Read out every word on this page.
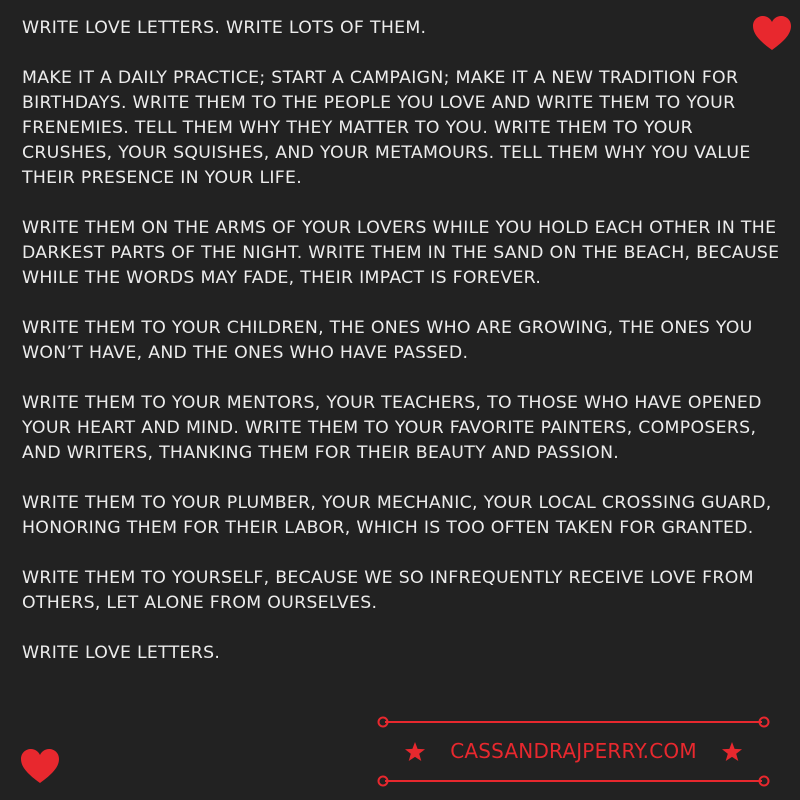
WRITE LOVE LETTERS. WRITE LOTS OF THEM.

MAKE IT A DAILY PRACTICE; START A CAMPAIGN; MAKE IT A NEW TRADITION FOR BIRTHDAYS. WRITE THEM TO THE PEOPLE YOU LOVE AND WRITE THEM TO YOUR FRENEMIES. TELL THEM WHY THEY MATTER TO YOU. WRITE THEM TO YOUR CRUSHES, YOUR SQUISHES, AND YOUR METAMOURS. TELL THEM WHY YOU VALUE THEIR PRESENCE IN YOUR LIFE.

WRITE THEM ON THE ARMS OF YOUR LOVERS WHILE YOU HOLD EACH OTHER IN THE DARKEST PARTS OF THE NIGHT. WRITE THEM IN THE SAND ON THE BEACH, BECAUSE WHILE THE WORDS MAY FADE, THEIR IMPACT IS FOREVER.

WRITE THEM TO YOUR CHILDREN, THE ONES WHO ARE GROWING, THE ONES YOU WON’T HAVE, AND THE ONES WHO HAVE PASSED.

WRITE THEM TO YOUR MENTORS, YOUR TEACHERS, TO THOSE WHO HAVE OPENED YOUR HEART AND MIND. WRITE THEM TO YOUR FAVORITE PAINTERS, COMPOSERS, AND WRITERS, THANKING THEM FOR THEIR BEAUTY AND PASSION.

WRITE THEM TO YOUR PLUMBER, YOUR MECHANIC, YOUR LOCAL CROSSING GUARD, HONORING THEM FOR THEIR LABOR, WHICH IS TOO OFTEN TAKEN FOR GRANTED.

WRITE THEM TO YOURSELF, BECAUSE WE SO INFREQUENTLY RECEIVE LOVE FROM OTHERS, LET ALONE FROM OURSELVES.

WRITE LOVE LETTERS.

CASSANDRAJPERRY.COM
